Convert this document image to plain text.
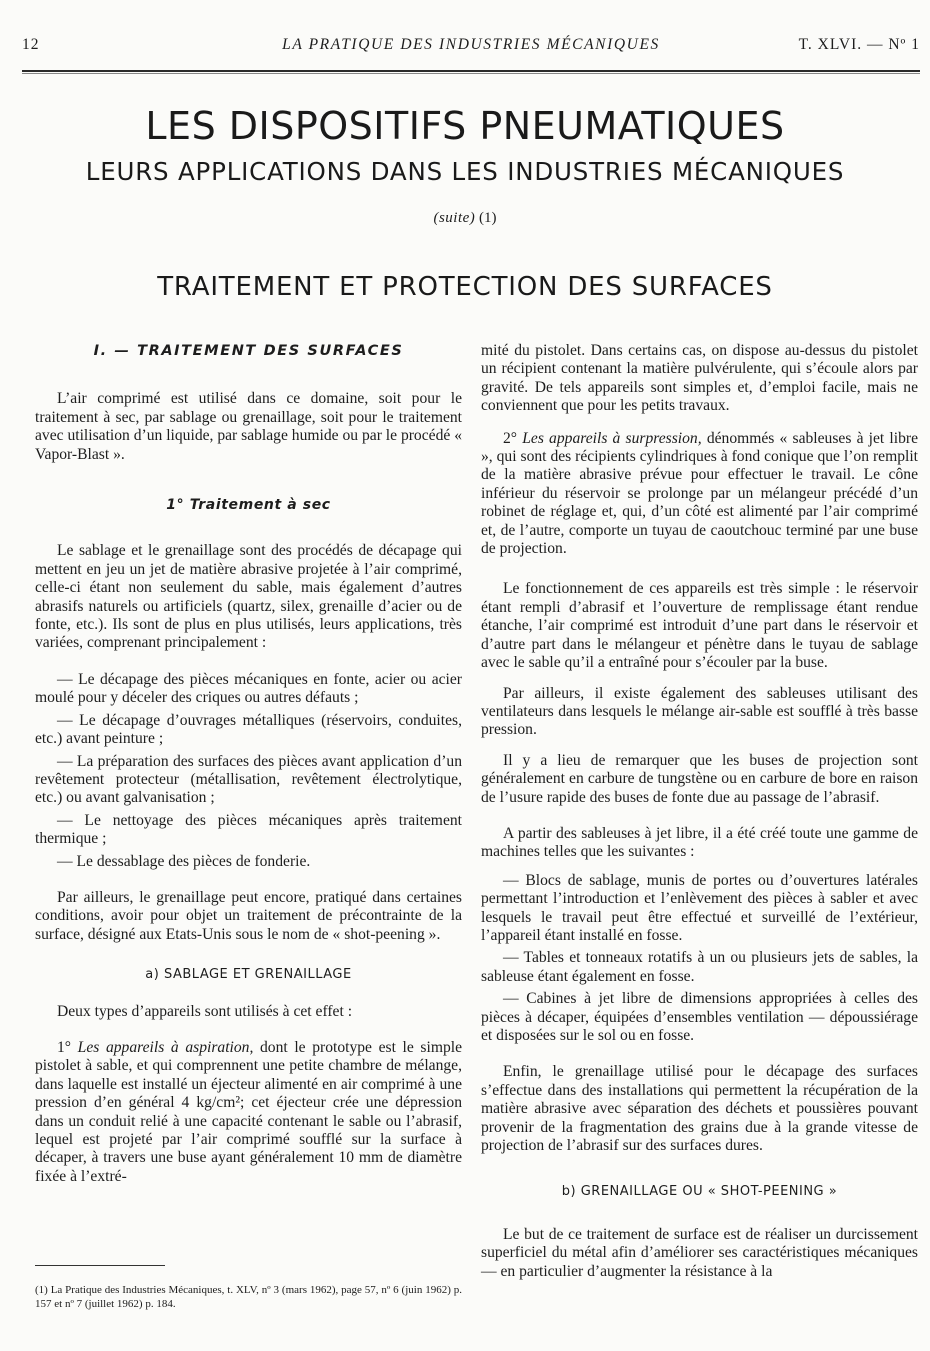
12	LA PRATIQUE DES INDUSTRIES MÉCANIQUES	T. XLVI. — Nº 1
LES DISPOSITIFS PNEUMATIQUES
LEURS APPLICATIONS DANS LES INDUSTRIES MÉCANIQUES
(suite) (1)
TRAITEMENT ET PROTECTION DES SURFACES

I. — TRAITEMENT DES SURFACES

L’air comprimé est utilisé dans ce domaine, soit pour le traitement à sec, par sablage ou grenaillage, soit pour le traitement avec utilisation d’un liquide, par sablage humide ou par le procédé « Vapor-Blast ».

1° Traitement à sec

Le sablage et le grenaillage sont des procédés de décapage qui mettent en jeu un jet de matière abrasive projetée à l’air comprimé, celle-ci étant non seulement du sable, mais également d’autres abrasifs naturels ou artificiels (quartz, silex, grenaille d’acier ou de fonte, etc.). Ils sont de plus en plus utilisés, leurs applications, très variées, comprenant principalement :

— Le décapage des pièces mécaniques en fonte, acier ou acier moulé pour y déceler des criques ou autres défauts ;

— Le décapage d’ouvrages métalliques (réservoirs, conduites, etc.) avant peinture ;

— La préparation des surfaces des pièces avant application d’un revêtement protecteur (métallisation, revêtement électrolytique, etc.) ou avant galvanisation ;

— Le nettoyage des pièces mécaniques après traitement thermique ;

— Le dessablage des pièces de fonderie.

Par ailleurs, le grenaillage peut encore, pratiqué dans certaines conditions, avoir pour objet un traitement de précontrainte de la surface, désigné aux Etats-Unis sous le nom de « shot-peening ».

a) SABLAGE ET GRENAILLAGE

Deux types d’appareils sont utilisés à cet effet :

1° Les appareils à aspiration, dont le prototype est le simple pistolet à sable, et qui comprennent une petite chambre de mélange, dans laquelle est installé un éjecteur alimenté en air comprimé à une pression d’en général 4 kg/cm²; cet éjecteur crée une dépression dans un conduit relié à une capacité contenant le sable ou l’abrasif, lequel est projeté par l’air comprimé soufflé sur la surface à décaper, à travers une buse ayant généralement 10 mm de diamètre fixée à l’extré-

mité du pistolet. Dans certains cas, on dispose au-dessus du pistolet un récipient contenant la matière pulvérulente, qui s’écoule alors par gravité. De tels appareils sont simples et, d’emploi facile, mais ne conviennent que pour les petits travaux.

2° Les appareils à surpression, dénommés « sableuses à jet libre », qui sont des récipients cylindriques à fond conique que l’on remplit de la matière abrasive prévue pour effectuer le travail. Le cône inférieur du réservoir se prolonge par un mélangeur précédé d’un robinet de réglage et, qui, d’un côté est alimenté par l’air comprimé et, de l’autre, comporte un tuyau de caoutchouc terminé par une buse de projection.

Le fonctionnement de ces appareils est très simple : le réservoir étant rempli d’abrasif et l’ouverture de remplissage étant rendue étanche, l’air comprimé est introduit d’une part dans le réservoir et d’autre part dans le mélangeur et pénètre dans le tuyau de sablage avec le sable qu’il a entraîné pour s’écouler par la buse.

Par ailleurs, il existe également des sableuses utilisant des ventilateurs dans lesquels le mélange air-sable est soufflé à très basse pression.

Il y a lieu de remarquer que les buses de projection sont généralement en carbure de tungstène ou en carbure de bore en raison de l’usure rapide des buses de fonte due au passage de l’abrasif.

A partir des sableuses à jet libre, il a été créé toute une gamme de machines telles que les suivantes :

— Blocs de sablage, munis de portes ou d’ouvertures latérales permettant l’introduction et l’enlèvement des pièces à sabler et avec lesquels le travail peut être effectué et surveillé de l’extérieur, l’appareil étant installé en fosse.

— Tables et tonneaux rotatifs à un ou plusieurs jets de sables, la sableuse étant également en fosse.

— Cabines à jet libre de dimensions appropriées à celles des pièces à décaper, équipées d’ensembles ventilation — dépoussiérage et disposées sur le sol ou en fosse.

Enfin, le grenaillage utilisé pour le décapage des surfaces s’effectue dans des installations qui permettent la récupération de la matière abrasive avec séparation des déchets et poussières pouvant provenir de la fragmentation des grains due à la grande vitesse de projection de l’abrasif sur des surfaces dures.

b) GRENAILLAGE OU « SHOT-PEENING »

Le but de ce traitement de surface est de réaliser un durcissement superficiel du métal afin d’améliorer ses caractéristiques mécaniques — en particulier d’augmenter la résistance à la

(1) La Pratique des Industries Mécaniques, t. XLV, nº 3 (mars 1962), page 57, nº 6 (juin 1962) p. 157 et nº 7 (juillet 1962) p. 184.
